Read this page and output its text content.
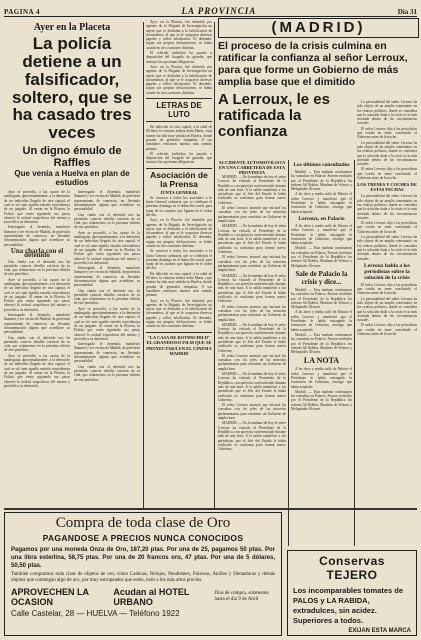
PAGINA 4	LA PROVINCIA	Día 31
Ayer en la Placeta
La policía detiene a un falsificador, soltero, que se ha casado tres veces
Un digno émulo de Raffles
Que venía a Huelva en plan de estudios

Ayer se procedió, a las cuatro de la madrugada, aproximadamente, a la detención de un individuo llegado de otra capital, el cual se vió ante aquella extraña coincidencia de un juzgado. Al entrar en la Placeta, la Policía que venía siguiendo sus pasos observó la actitud sospechosa del mismo y procedió a su detención.

Interrogado el detenido, manifestó llamarse y ser vecino de Madrid, de profesión representante de comercio, no llevando documentación alguna que acreditase su personalidad.

Una charla con el detenido

Una charla con el detenido nos ha permitido conocer detalles curiosos de su vida, que relataremos en la próxima edición de este periódico.

Ayer se procedió, a las cuatro de la madrugada, aproximadamente, a la detención de un individuo llegado de otra capital, el cual se vió ante aquella extraña coincidencia de un juzgado. Al entrar en la Placeta, la Policía que venía siguiendo sus pasos observó la actitud sospechosa del mismo y procedió a su detención.

Interrogado el detenido, manifestó llamarse y ser vecino de Madrid, de profesión representante de comercio, no llevando documentación alguna que acreditase su personalidad.

Una charla con el detenido nos ha permitido conocer detalles curiosos de su vida, que relataremos en la próxima edición de este periódico.

Ayer se procedió, a las cuatro de la madrugada, aproximadamente, a la detención de un individuo llegado de otra capital, el cual se vió ante aquella extraña coincidencia de un juzgado. Al entrar en la Placeta, la Policía que venía siguiendo sus pasos observó la actitud sospechosa del mismo y procedió a su detención.

Interrogado el detenido, manifestó llamarse y ser vecino de Madrid, de profesión representante de comercio, no llevando documentación alguna que acreditase su personalidad.

Una charla con el detenido nos ha permitido conocer detalles curiosos de su vida, que relataremos en la próxima edición de este periódico.

Ayer se procedió, a las cuatro de la madrugada, aproximadamente, a la detención de un individuo llegado de otra capital, el cual se vió ante aquella extraña coincidencia de un juzgado. Al entrar en la Placeta, la Policía que venía siguiendo sus pasos observó la actitud sospechosa del mismo y procedió a su detención.

Interrogado el detenido, manifestó llamarse y ser vecino de Madrid, de profesión representante de comercio, no llevando documentación alguna que acreditase su personalidad.

Una charla con el detenido nos ha permitido conocer detalles curiosos de su vida, que relataremos en la próxima edición de este periódico.

Ayer se procedió, a las cuatro de la madrugada, aproximadamente, a la detención de un individuo llegado de otra capital, el cual se vió ante aquella extraña coincidencia de un juzgado. Al entrar en la Placeta, la Policía que venía siguiendo sus pasos observó la actitud sospechosa del mismo y procedió a su detención.

Interrogado el detenido, manifestó llamarse y ser vecino de Madrid, de profesión representante de comercio, no llevando documentación alguna que acreditase su personalidad.

Una charla con el detenido nos ha permitido conocer detalles curiosos de su vida, que relataremos en la próxima edición de este periódico.

Ayer, en la Placeta, fué detenido por agentes de la Brigada de Investigación un sujeto que se dedicaba a la falsificación de documentos, al que se le ocuparon diversos papeles y sellos falsificados. El detenido, según sus propias declaraciones, se había casado en tres ocasiones distintas.

El referido individuo ha pasado a disposición del Juzgado de guardia, que instruye las oportunas diligencias.

Ayer, en la Placeta, fué detenido por agentes de la Brigada de Investigación un sujeto que se dedicaba a la falsificación de documentos, al que se le ocuparon diversos papeles y sellos falsificados. El detenido, según sus propias declaraciones, se había casado en tres ocasiones distintas.

LETRAS DE LUTO

Ha fallecido en esta capital, a la edad de 68 años, la virtuosa señora doña María, cuya muerte ha sido muy sentida en Huelva, donde gozaba de generales simpatías. A sus familiares enviamos nuestro más sentido pésame.

El referido individuo ha pasado a disposición del Juzgado de guardia, que instruye las oportunas diligencias.

Asociación de la Prensa
JUNTA GENERAL

Se convoca a todos los asociados a la Junta General ordinaria que se celebrará el próximo domingo en el domicilio social, para tratar de los asuntos que figuran en el orden del día.

Ayer, en la Placeta, fué detenido por agentes de la Brigada de Investigación un sujeto que se dedicaba a la falsificación de documentos, al que se le ocuparon diversos papeles y sellos falsificados. El detenido, según sus propias declaraciones, se había casado en tres ocasiones distintas.

Se convoca a todos los asociados a la Junta General ordinaria que se celebrará el próximo domingo en el domicilio social, para tratar de los asuntos que figuran en el orden del día.

Ha fallecido en esta capital, a la edad de 68 años, la virtuosa señora doña María, cuya muerte ha sido muy sentida en Huelva, donde gozaba de generales simpatías. A sus familiares enviamos nuestro más sentido pésame.

Ayer, en la Placeta, fué detenido por agentes de la Brigada de Investigación un sujeto que se dedicaba a la falsificación de documentos, al que se le ocuparon diversos papeles y sellos falsificados. El detenido, según sus propias declaraciones, se había casado en tres ocasiones distintas.

"LA CASA DE ROTHSCHILD" EL GRANDIOSO FILM QUE SE PROYECTARÁ EN EL CINEMA MADRID
(MADRID)
El proceso de la crisis culmina en ratificar la confianza al señor Lerroux, para que forme un Gobierno de más amplia base que el dimitido
A Lerroux, le es ratificada la confianza
ACCIDENTE AUTOMOVILISTA EN UNA CARRETERA DE ESTA PROVINCIA

MADRID. — En la mañana de hoy el señor Lerroux ha visitado al Presidente de la República, con quien ha conferenciado durante más de una hora. A la salida manifestó a los periodistas que el Jefe del Estado le había ratificado su confianza para formar nuevo Gobierno.

El señor Lerroux anunció que iniciará las consultas con los jefes de las minorías parlamentarias para constituir un Gobierno de amplia base.

MADRID. — En la mañana de hoy el señor Lerroux ha visitado al Presidente de la República, con quien ha conferenciado durante más de una hora. A la salida manifestó a los periodistas que el Jefe del Estado le había ratificado su confianza para formar nuevo Gobierno.

El señor Lerroux anunció que iniciará las consultas con los jefes de las minorías parlamentarias para constituir un Gobierno de amplia base.

MADRID. — En la mañana de hoy el señor Lerroux ha visitado al Presidente de la República, con quien ha conferenciado durante más de una hora. A la salida manifestó a los periodistas que el Jefe del Estado le había ratificado su confianza para formar nuevo Gobierno.

El señor Lerroux anunció que iniciará las consultas con los jefes de las minorías parlamentarias para constituir un Gobierno de amplia base.

MADRID. — En la mañana de hoy el señor Lerroux ha visitado al Presidente de la República, con quien ha conferenciado durante más de una hora. A la salida manifestó a los periodistas que el Jefe del Estado le había ratificado su confianza para formar nuevo Gobierno.

El señor Lerroux anunció que iniciará las consultas con los jefes de las minorías parlamentarias para constituir un Gobierno de amplia base.

MADRID. — En la mañana de hoy el señor Lerroux ha visitado al Presidente de la República, con quien ha conferenciado durante más de una hora. A la salida manifestó a los periodistas que el Jefe del Estado le había ratificado su confianza para formar nuevo Gobierno.

El señor Lerroux anunció que iniciará las consultas con los jefes de las minorías parlamentarias para constituir un Gobierno de amplia base.

MADRID. — En la mañana de hoy el señor Lerroux ha visitado al Presidente de la República, con quien ha conferenciado durante más de una hora. A la salida manifestó a los periodistas que el Jefe del Estado le había ratificado su confianza para formar nuevo Gobierno.

Los últimos consultados

Madrid. — Esta mañana continuaron las consultas en Palacio. Fueron recibidos por el Presidente de la República los señores Gil Robles, Martínez de Velasco y Melquíades Álvarez.

A las doce y media salió de Palacio el señor Lerroux y manifestó que el Presidente le había encargado la formación de Gobierno, encargo que había aceptado.

Lerroux, en Palacio

A las doce y media salió de Palacio el señor Lerroux y manifestó que el Presidente le había encargado la formación de Gobierno, encargo que había aceptado.

Madrid. — Esta mañana continuaron las consultas en Palacio. Fueron recibidos por el Presidente de la República los señores Gil Robles, Martínez de Velasco y Melquíades Álvarez.

Sale de Palacio la crisis y dice...

Madrid. — Esta mañana continuaron las consultas en Palacio. Fueron recibidos por el Presidente de la República los señores Gil Robles, Martínez de Velasco y Melquíades Álvarez.

A las doce y media salió de Palacio el señor Lerroux y manifestó que el Presidente le había encargado la formación de Gobierno, encargo que había aceptado.

Madrid. — Esta mañana continuaron las consultas en Palacio. Fueron recibidos por el Presidente de la República los señores Gil Robles, Martínez de Velasco y Melquíades Álvarez.

LA NOTA

A las doce y media salió de Palacio el señor Lerroux y manifestó que el Presidente le había encargado la formación de Gobierno, encargo que había aceptado.

Madrid. — Esta mañana continuaron las consultas en Palacio. Fueron recibidos por el Presidente de la República los señores Gil Robles, Martínez de Velasco y Melquíades Álvarez.

La personalidad del señor Lerroux ha sido objeto de un amplio comentario en los centros políticos, donde se considera que la solución dada a la crisis es la más acertada dentro de las circunstancias actuales.

El señor Lerroux dijo a los periodistas que confía en tener constituido el Gobierno antes de la noche.

La personalidad del señor Lerroux ha sido objeto de un amplio comentario en los centros políticos, donde se considera que la solución dada a la crisis es la más acertada dentro de las circunstancias actuales.

El señor Lerroux dijo a los periodistas que confía en tener constituido el Gobierno antes de la noche.

LOS TRENES Y COCHES DE ESTAS FECHAS

La personalidad del señor Lerroux ha sido objeto de un amplio comentario en los centros políticos, donde se considera que la solución dada a la crisis es la más acertada dentro de las circunstancias actuales.

El señor Lerroux dijo a los periodistas que confía en tener constituido el Gobierno antes de la noche.

La personalidad del señor Lerroux ha sido objeto de un amplio comentario en los centros políticos, donde se considera que la solución dada a la crisis es la más acertada dentro de las circunstancias actuales.

Lerroux habla a los periodistas sobre la solución de la crisis

El señor Lerroux dijo a los periodistas que confía en tener constituido el Gobierno antes de la noche.

La personalidad del señor Lerroux ha sido objeto de un amplio comentario en los centros políticos, donde se considera que la solución dada a la crisis es la más acertada dentro de las circunstancias actuales.

El señor Lerroux dijo a los periodistas que confía en tener constituido el Gobierno antes de la noche.

Compra de toda clase de Oro
PAGANDOSE A PRECIOS NUNCA CONOCIDOS
Pagamos por una moneda Onza de Oro, 187,20 ptas. Por una de 25, pagamos 50 ptas. Por una libra esterlina, 58,75 ptas. Por una de 20 francos oro, 47 ptas. Por una de 5 dólares, 50,50 ptas.
También compramos toda clase de objetos de oro, como Cadenas, Relojes, Pendientes, Pulseras, Anillos y Dentaduras y demás objetos que contengan algo de oro, por muy estropeados que estén, todo a los más altos precios.
APROVECHEN LA OCASION
Acudan al HOTEL URBANO
Días de compra, solamente hasta el día 9 de Abril
Calle Castelar, 28 — HUELVA — Teléfono 1922
Conservas TEJERO
Los incomparables tomates de PALOS y LA RABIDA, extradulces, sin acidez. Superiores a todos.
EXIJAN ESTA MARCA
